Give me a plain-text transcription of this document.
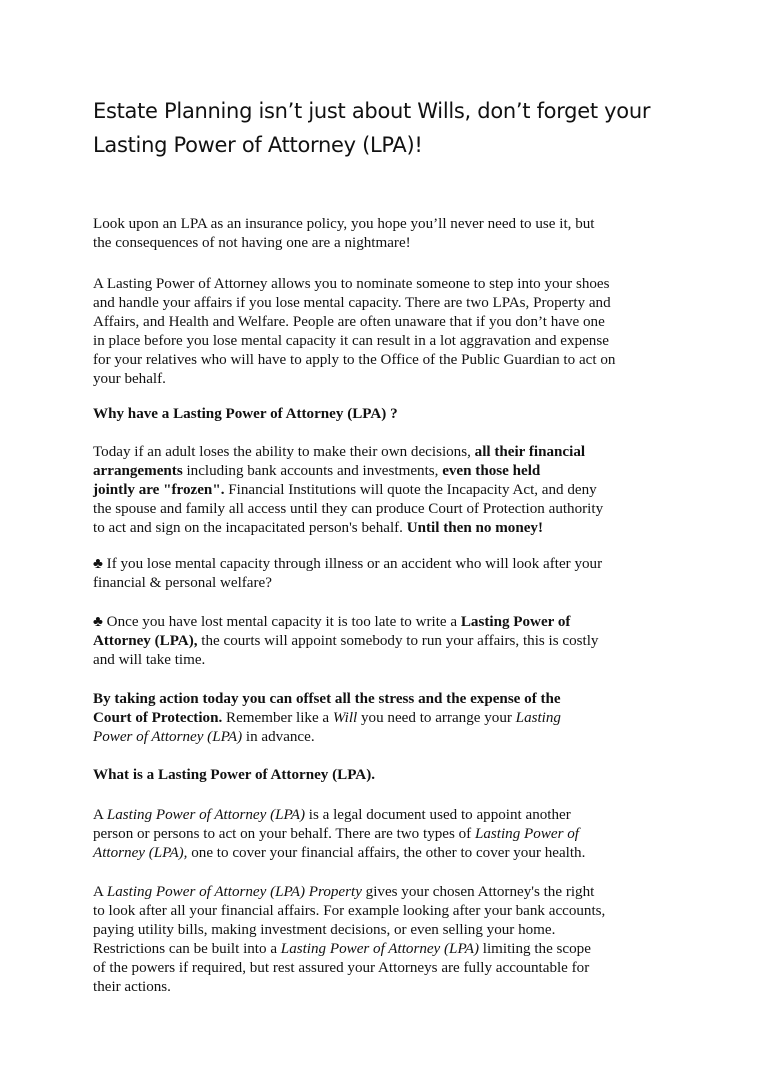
Estate Planning isn’t just about Wills, don’t forget your
Lasting Power of Attorney (LPA)!
Look upon an LPA as an insurance policy, you hope you’ll never need to use it, but
the consequences of not having one are a nightmare!
A Lasting Power of Attorney allows you to nominate someone to step into your shoes
and handle your affairs if you lose mental capacity. There are two LPAs, Property and
Affairs, and Health and Welfare. People are often unaware that if you don’t have one
in place before you lose mental capacity it can result in a lot aggravation and expense
for your relatives who will have to apply to the Office of the Public Guardian to act on
your behalf.
Why have a Lasting Power of Attorney (LPA) ?
Today if an adult loses the ability to make their own decisions, all their financial
arrangements including bank accounts and investments, even those held
jointly are "frozen". Financial Institutions will quote the Incapacity Act, and deny
the spouse and family all access until they can produce Court of Protection authority
to act and sign on the incapacitated person's behalf. Until then no money!
♣ If you lose mental capacity through illness or an accident who will look after your
financial & personal welfare?
♣ Once you have lost mental capacity it is too late to write a Lasting Power of
Attorney (LPA), the courts will appoint somebody to run your affairs, this is costly
and will take time.
By taking action today you can offset all the stress and the expense of the
Court of Protection. Remember like a Will you need to arrange your Lasting
Power of Attorney (LPA) in advance.
What is a Lasting Power of Attorney (LPA).
A Lasting Power of Attorney (LPA) is a legal document used to appoint another
person or persons to act on your behalf. There are two types of Lasting Power of
Attorney (LPA), one to cover your financial affairs, the other to cover your health.
A Lasting Power of Attorney (LPA) Property gives your chosen Attorney's the right
to look after all your financial affairs. For example looking after your bank accounts,
paying utility bills, making investment decisions, or even selling your home.
Restrictions can be built into a Lasting Power of Attorney (LPA) limiting the scope
of the powers if required, but rest assured your Attorneys are fully accountable for
their actions.
